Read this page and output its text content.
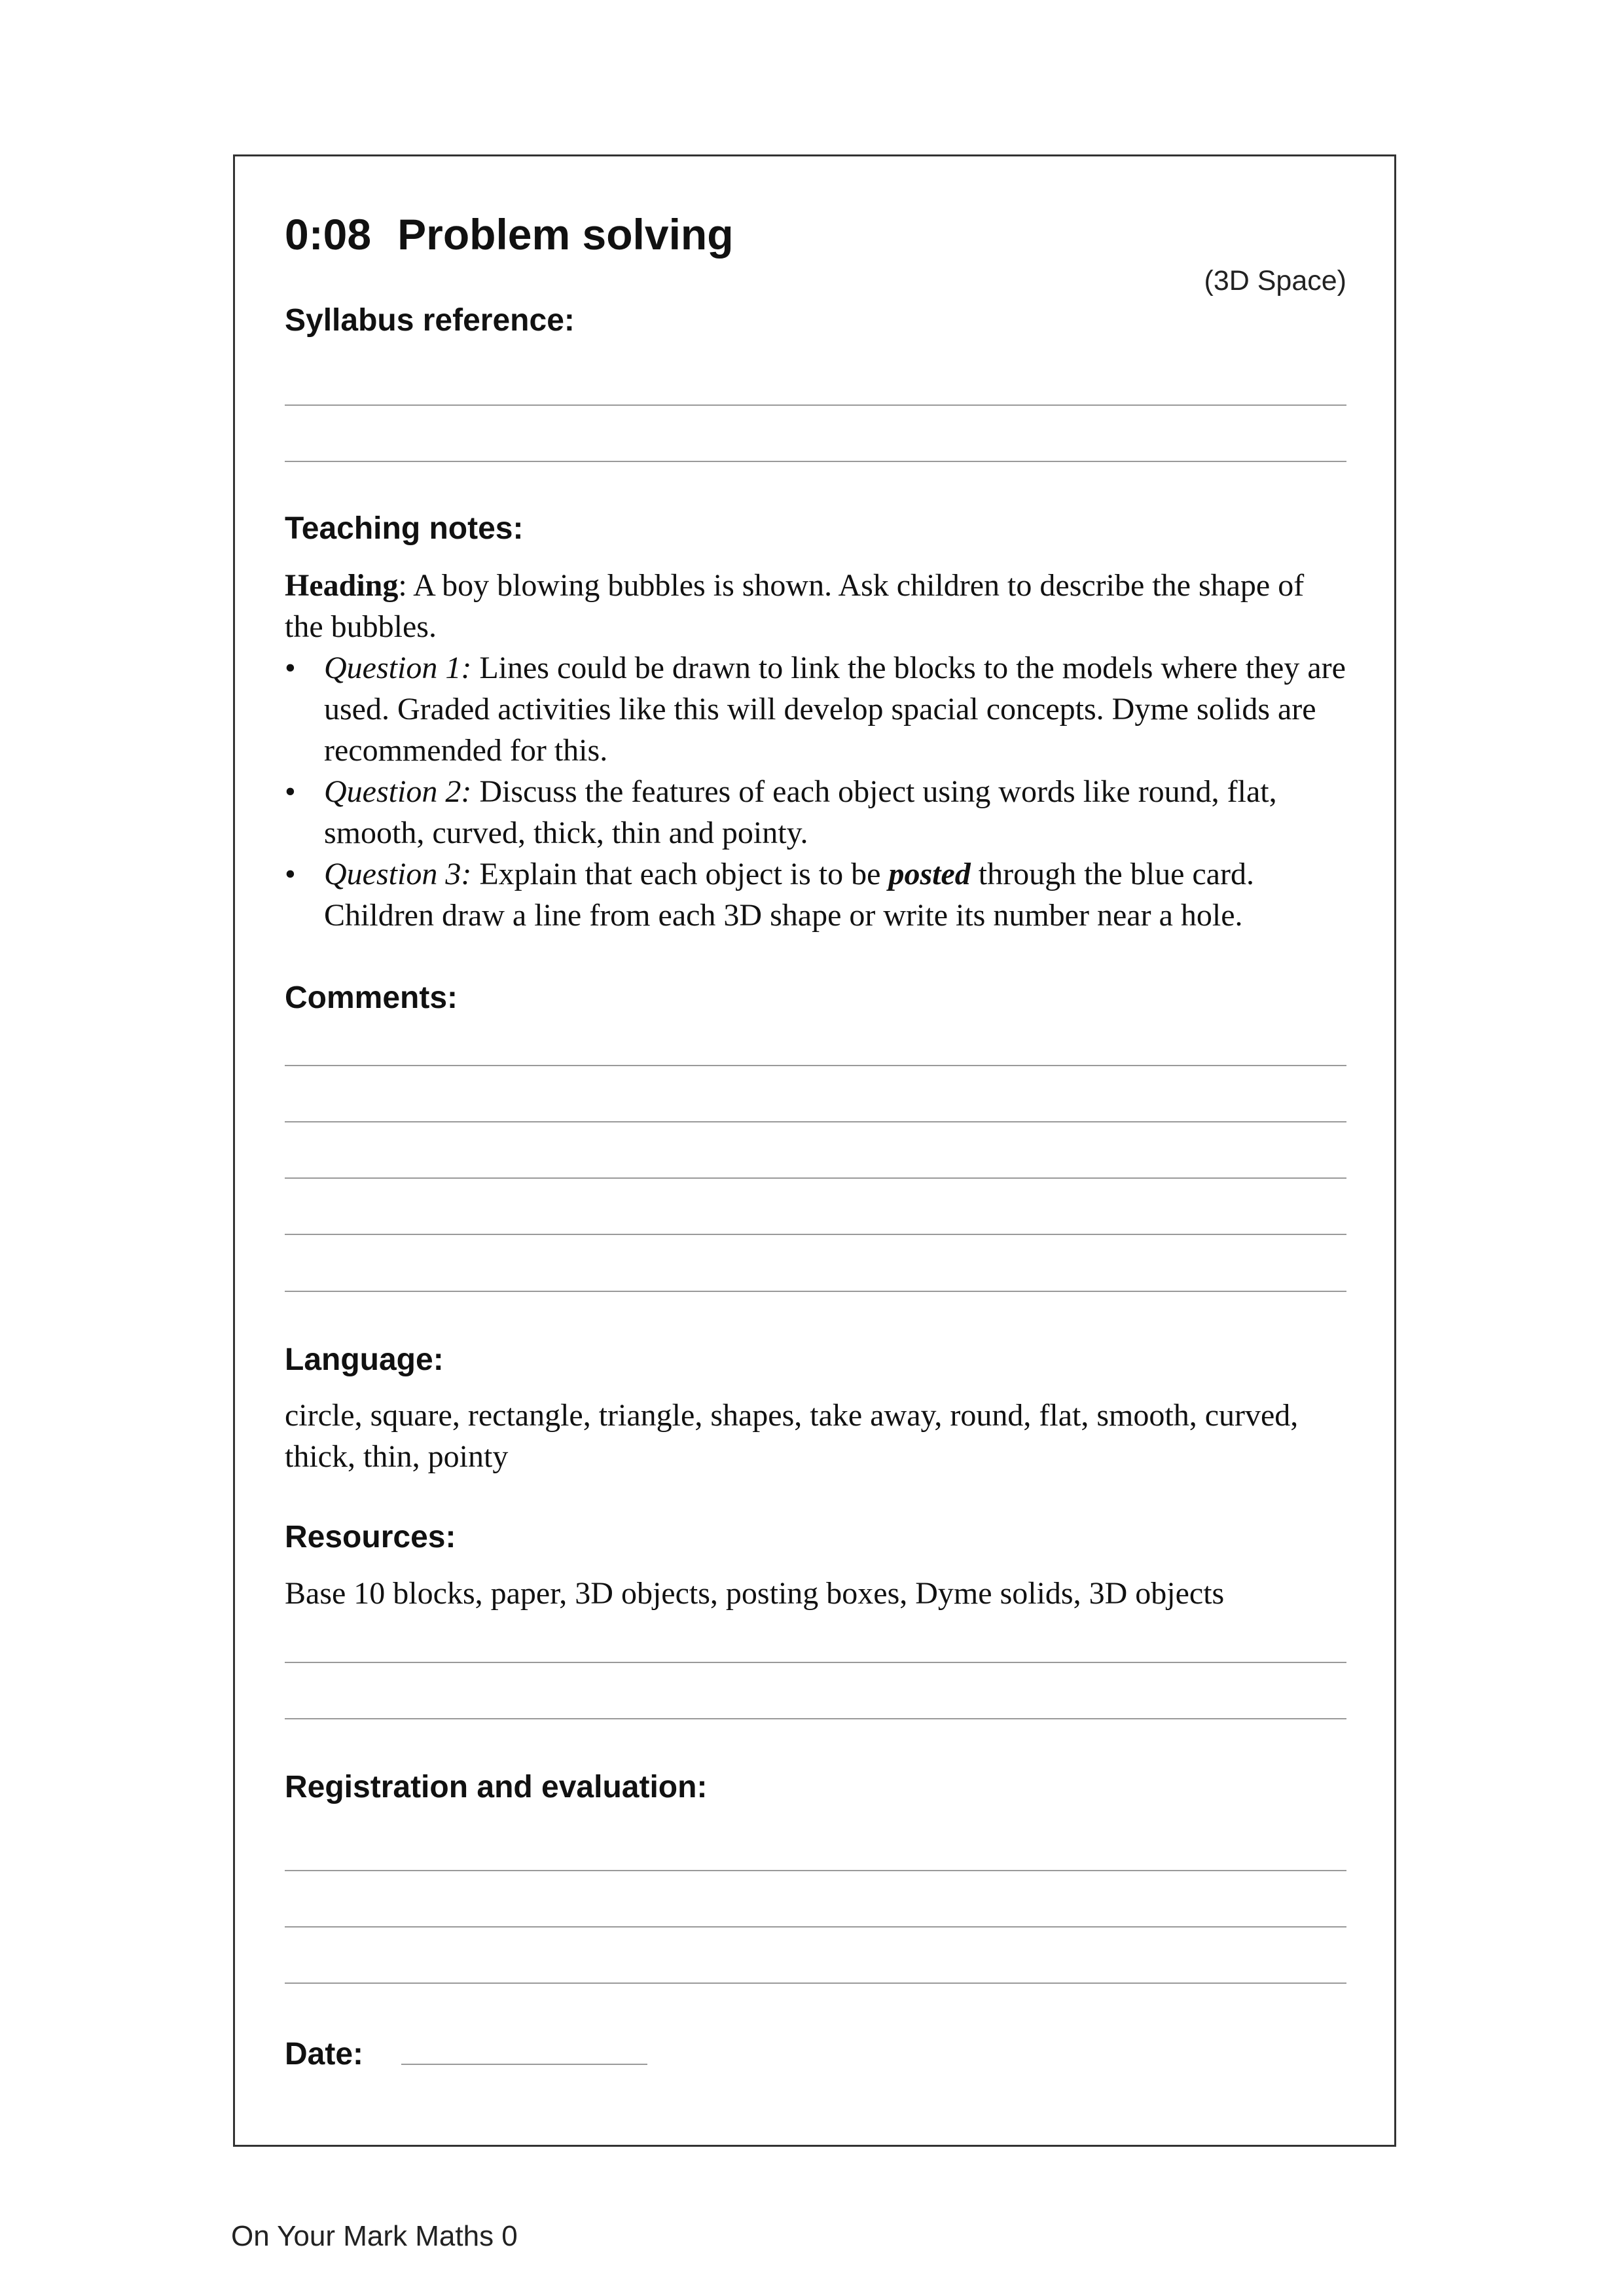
0:08 Problem solving
(3D Space)
Syllabus reference:
Teaching notes:
Heading: A boy blowing bubbles is shown. Ask children to describe the shape of the bubbles.
• Question 1: Lines could be drawn to link the blocks to the models where they are used. Graded activities like this will develop spacial concepts. Dyme solids are recommended for this.
• Question 2: Discuss the features of each object using words like round, flat, smooth, curved, thick, thin and pointy.
• Question 3: Explain that each object is to be posted through the blue card. Children draw a line from each 3D shape or write its number near a hole.
Comments:
Language:
circle, square, rectangle, triangle, shapes, take away, round, flat, smooth, curved, thick, thin, pointy
Resources:
Base 10 blocks, paper, 3D objects, posting boxes, Dyme solids, 3D objects
Registration and evaluation:
Date:
On Your Mark Maths 0
